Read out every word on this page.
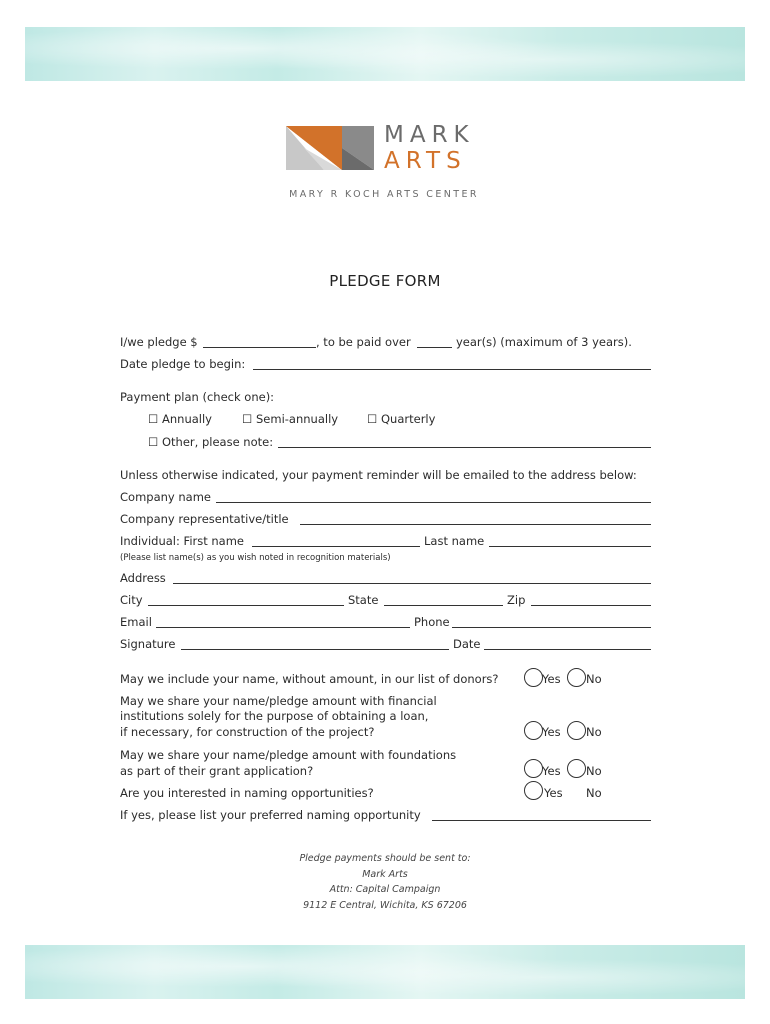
MARK
ARTS
MARY R KOCH ARTS CENTER
PLEDGE FORM
I/we pledge $	, to be paid over	year(s) (maximum of 3 years).
Date pledge to begin:
Payment plan (check one):
☐ Annually	☐ Semi-annually	☐ Quarterly
☐ Other, please note:
Unless otherwise indicated, your payment reminder will be emailed to the address below:
Company name
Company representative/title
Individual: First name	Last name
(Please list name(s) as you wish noted in recognition materials)
Address
City	State	Zip
Email	Phone
Signature	Date
May we include your name, without amount, in our list of donors?	Yes No
May we share your name/pledge amount with financial
institutions solely for the purpose of obtaining a loan,
if necessary, for construction of the project?	Yes No
May we share your name/pledge amount with foundations
as part of their grant application?	Yes No
Are you interested in naming opportunities?	Yes No
If yes, please list your preferred naming opportunity
Pledge payments should be sent to:
Mark Arts
Attn: Capital Campaign
9112 E Central, Wichita, KS 67206
